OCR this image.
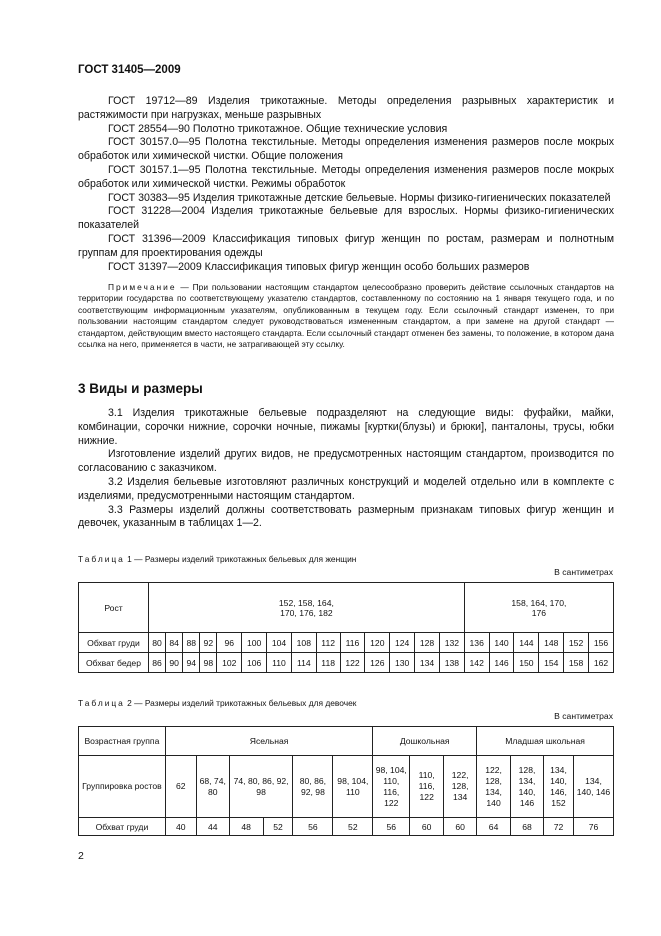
ГОСТ 31405—2009
ГОСТ 19712—89 Изделия трикотажные. Методы определения разрывных характеристик и растяжимости при нагрузках, меньше разрывных
ГОСТ 28554—90 Полотно трикотажное. Общие технические условия
ГОСТ 30157.0—95 Полотна текстильные. Методы определения изменения размеров после мокрых обработок или химической чистки. Общие положения
ГОСТ 30157.1—95 Полотна текстильные. Методы определения изменения размеров после мокрых обработок или химической чистки. Режимы обработок
ГОСТ 30383—95 Изделия трикотажные детские бельевые. Нормы физико-гигиенических показателей
ГОСТ 31228—2004 Изделия трикотажные бельевые для взрослых. Нормы физико-гигиенических показателей
ГОСТ 31396—2009 Классификация типовых фигур женщин по ростам, размерам и полнотным группам для проектирования одежды
ГОСТ 31397—2009 Классификация типовых фигур женщин особо больших размеров
Примечание — При пользовании настоящим стандартом целесообразно проверить действие ссылочных стандартов на территории государства по соответствующему указателю стандартов, составленному по состоянию на 1 января текущего года, и по соответствующим информационным указателям, опубликованным в текущем году. Если ссылочный стандарт изменен, то при пользовании настоящим стандартом следует руководствоваться измененным стандартом, а при замене на другой стандарт — стандартом, действующим вместо настоящего стандарта. Если ссылочный стандарт отменен без замены, то положение, в котором дана ссылка на него, применяется в части, не затрагивающей эту ссылку.
3 Виды и размеры
3.1 Изделия трикотажные бельевые подразделяют на следующие виды: фуфайки, майки, комбинации, сорочки нижние, сорочки ночные, пижамы [куртки(блузы) и брюки], панталоны, трусы, юбки нижние.
Изготовление изделий других видов, не предусмотренных настоящим стандартом, производится по согласованию с заказчиком.
3.2 Изделия бельевые изготовляют различных конструкций и моделей отдельно или в комплекте с изделиями, предусмотренными настоящим стандартом.
3.3 Размеры изделий должны соответствовать размерным признакам типовых фигур женщин и девочек, указанным в таблицах 1—2.
Таблица 1 — Размеры изделий трикотажных бельевых для женщин
В сантиметрах
Рост	152, 158, 164, 170, 176, 182														158, 164, 170, 176					

Обхват груди	80	84	88	92	96	100	104	108	112	116	120	124	128	132	136	140	144	148	152	156
Обхват бедер	86	90	94	98	102	106	110	114	118	122	126	130	134	138	142	146	150	154	158	162
Таблица 2 — Размеры изделий трикотажных бельевых для девочек
В сантиметрах
Возрастная группа	Ясельная						Дошкольная			Младшая школьная			
Группировка ростов	62	68, 74, 80	74, 80, 86, 92, 98		80, 86, 92, 98	98, 104, 110	98, 104, 110, 116, 122	110, 116, 122	122, 128, 134	122, 128, 134, 140	128, 134, 140, 146	134, 140, 146, 152	134, 140, 146
Обхват груди	40	44	48	52	56	52	56	60	60	64	68	72	76
2
